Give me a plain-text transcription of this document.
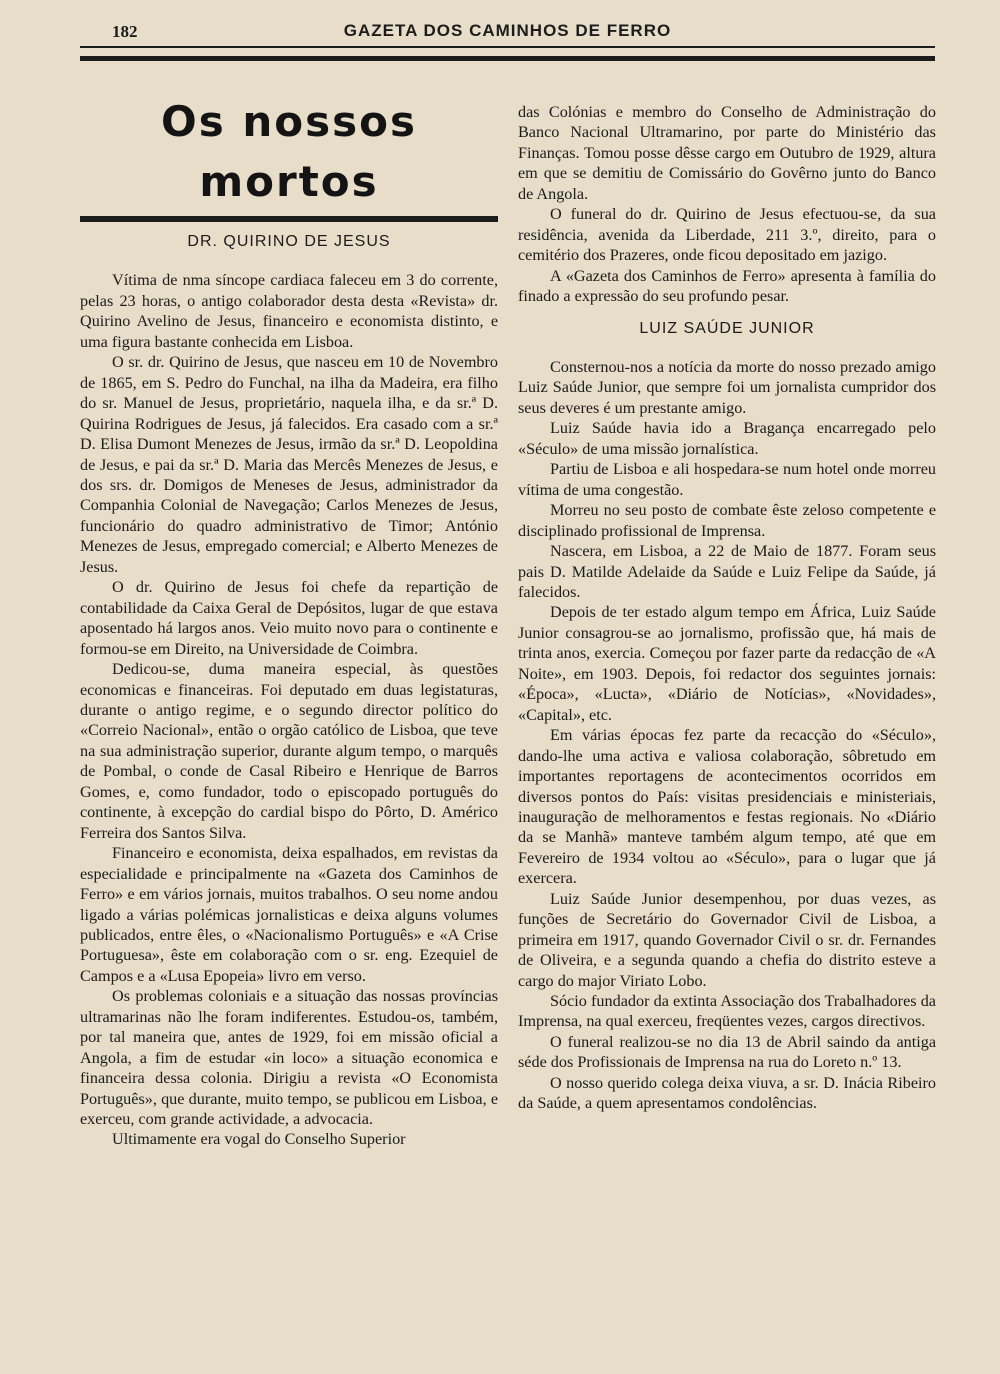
182	GAZETA DOS CAMINHOS DE FERRO
Os nossos mortos
DR. QUIRINO DE JESUS

Vítima de nma síncope cardiaca faleceu em 3 do corrente, pelas 23 horas, o antigo colaborador desta desta «Revista» dr. Quirino Avelino de Jesus, financeiro e economista distinto, e uma figura bastante conhecida em Lisboa.

O sr. dr. Quirino de Jesus, que nasceu em 10 de Novembro de 1865, em S. Pedro do Funchal, na ilha da Madeira, era filho do sr. Manuel de Jesus, proprietário, naquela ilha, e da sr.ª D. Quirina Rodrigues de Jesus, já falecidos. Era casado com a sr.ª D. Elisa Dumont Menezes de Jesus, irmão da sr.ª D. Leopoldina de Jesus, e pai da sr.ª D. Maria das Mercês Menezes de Jesus, e dos srs. dr. Domigos de Meneses de Jesus, administrador da Companhia Colonial de Navegação; Carlos Menezes de Jesus, funcionário do quadro administrativo de Timor; António Menezes de Jesus, empregado comercial; e Alberto Menezes de Jesus.

O dr. Quirino de Jesus foi chefe da repartição de contabilidade da Caixa Geral de Depósitos, lugar de que estava aposentado há largos anos. Veio muito novo para o continente e formou-se em Direito, na Universidade de Coimbra.

Dedicou-se, duma maneira especial, às questões economicas e financeiras. Foi deputado em duas legistaturas, durante o antigo regime, e o segundo director político do «Correio Nacional», então o orgão católico de Lisboa, que teve na sua administração superior, durante algum tempo, o marquês de Pombal, o conde de Casal Ribeiro e Henrique de Barros Gomes, e, como fundador, todo o episcopado português do continente, à excepção do cardial bispo do Pôrto, D. Américo Ferreira dos Santos Silva.

Financeiro e economista, deixa espalhados, em revistas da especialidade e principalmente na «Gazeta dos Caminhos de Ferro» e em vários jornais, muitos trabalhos. O seu nome andou ligado a várias polémicas jornalisticas e deixa alguns volumes publicados, entre êles, o «Nacionalismo Português» e «A Crise Portuguesa», êste em colaboração com o sr. eng. Ezequiel de Campos e a «Lusa Epopeia» livro em verso.

Os problemas coloniais e a situação das nossas províncias ultramarinas não lhe foram indiferentes. Estudou-os, também, por tal maneira que, antes de 1929, foi em missão oficial a Angola, a fim de estudar «in loco» a situação economica e financeira dessa colonia. Dirigiu a revista «O Economista Português», que durante, muito tempo, se publicou em Lisboa, e exerceu, com grande actividade, a advocacia.

Ultimamente era vogal do Conselho Superior

das Colónias e membro do Conselho de Administração do Banco Nacional Ultramarino, por parte do Ministério das Finanças. Tomou posse dêsse cargo em Outubro de 1929, altura em que se demitiu de Comissário do Govêrno junto do Banco de Angola.

O funeral do dr. Quirino de Jesus efectuou-se, da sua residência, avenida da Liberdade, 211 3.º, direito, para o cemitério dos Prazeres, onde ficou depositado em jazigo.

A «Gazeta dos Caminhos de Ferro» apresenta à família do finado a expressão do seu profundo pesar.

LUIZ SAÚDE JUNIOR

Consternou-nos a notícia da morte do nosso prezado amigo Luiz Saúde Junior, que sempre foi um jornalista cumpridor dos seus deveres é um prestante amigo.

Luiz Saúde havia ido a Bragança encarregado pelo «Século» de uma missão jornalística.

Partiu de Lisboa e ali hospedara-se num hotel onde morreu vítima de uma congestão.

Morreu no seu posto de combate êste zeloso competente e disciplinado profissional de Imprensa.

Nascera, em Lisboa, a 22 de Maio de 1877. Foram seus pais D. Matilde Adelaide da Saúde e Luiz Felipe da Saúde, já falecidos.

Depois de ter estado algum tempo em África, Luiz Saúde Junior consagrou-se ao jornalismo, profissão que, há mais de trinta anos, exercia. Começou por fazer parte da redacção de «A Noite», em 1903. Depois, foi redactor dos seguintes jornais: «Época», «Lucta», «Diário de Notícias», «Novidades», «Capital», etc.

Em várias épocas fez parte da recacção do «Século», dando-lhe uma activa e valiosa colaboração, sôbretudo em importantes reportagens de acontecimentos ocorridos em diversos pontos do País: visitas presidenciais e ministeriais, inauguração de melhoramentos e festas regionais. No «Diário da se Manhã» manteve também algum tempo, até que em Fevereiro de 1934 voltou ao «Século», para o lugar que já exercera.

Luiz Saúde Junior desempenhou, por duas vezes, as funções de Secretário do Governador Civil de Lisboa, a primeira em 1917, quando Governador Civil o sr. dr. Fernandes de Oliveira, e a segunda quando a chefia do distrito esteve a cargo do major Viriato Lobo.

Sócio fundador da extinta Associação dos Trabalhadores da Imprensa, na qual exerceu, freqüentes vezes, cargos directivos.

O funeral realizou-se no dia 13 de Abril saindo da antiga séde dos Profissionais de Imprensa na rua do Loreto n.º 13.

O nosso querido colega deixa viuva, a sr. D. Inácia Ribeiro da Saúde, a quem apresentamos condolências.
